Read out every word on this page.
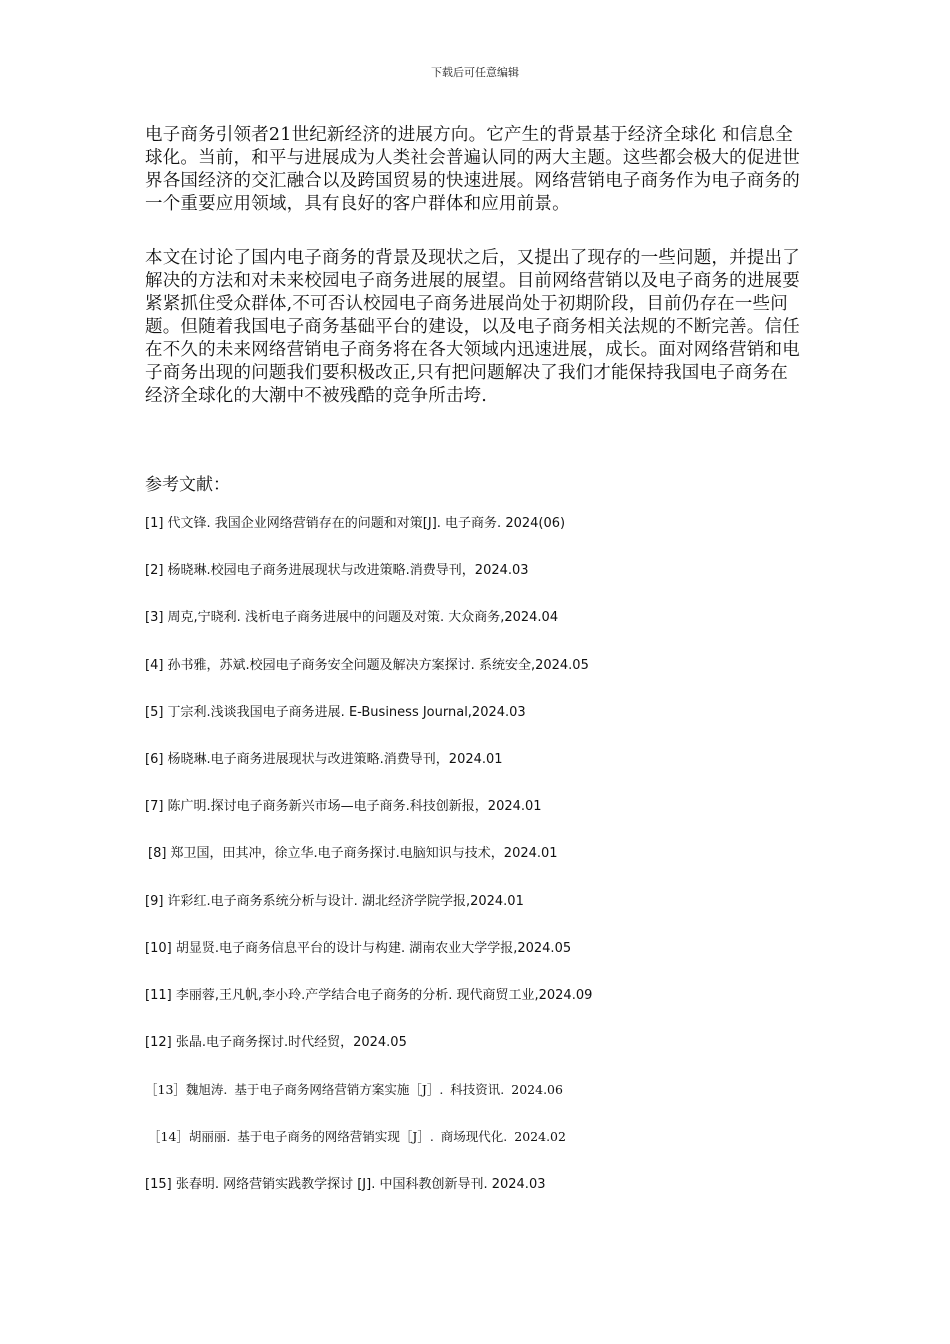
下载后可任意编辑

电子商务引领者21世纪新经济的进展方向。它产生的背景基于经济全球化 和信息全球化。当前，和平与进展成为人类社会普遍认同的两大主题。这些都会极大的促进世界各国经济的交汇融合以及跨国贸易的快速进展。网络营销电子商务作为电子商务的一个重要应用领域，具有良好的客户群体和应用前景。

本文在讨论了国内电子商务的背景及现状之后，又提出了现存的一些问题，并提出了解决的方法和对未来校园电子商务进展的展望。目前网络营销以及电子商务的进展要紧紧抓住受众群体,不可否认校园电子商务进展尚处于初期阶段，目前仍存在一些问题。但随着我国电子商务基础平台的建设，以及电子商务相关法规的不断完善。信任在不久的未来网络营销电子商务将在各大领域内迅速进展，成长。面对网络营销和电子商务出现的问题我们要积极改正,只有把问题解决了我们才能保持我国电子商务在经济全球化的大潮中不被残酷的竞争所击垮.

参考文献：
[1] 代文锋. 我国企业网络营销存在的问题和对策[J]. 电子商务. 2024(06)
[2] 杨晓琳.校园电子商务进展现状与改进策略.消费导刊，2024.03
[3] 周克,宁晓利. 浅析电子商务进展中的问题及对策. 大众商务,2024.04
[4] 孙书雅，苏斌.校园电子商务安全问题及解决方案探讨. 系统安全,2024.05
[5] 丁宗利.浅谈我国电子商务进展. E-Business Journal,2024.03
[6] 杨晓琳.电子商务进展现状与改进策略.消费导刊，2024.01
[7] 陈广明.探讨电子商务新兴市场—电子商务.科技创新报，2024.01
[8] 郑卫国，田其冲，徐立华.电子商务探讨.电脑知识与技术，2024.01
[9] 许彩红.电子商务系统分析与设计. 湖北经济学院学报,2024.01
[10] 胡显贤.电子商务信息平台的设计与构建. 湖南农业大学学报,2024.05
[11] 李丽蓉,王凡帆,李小玲.产学结合电子商务的分析. 现代商贸工业,2024.09
[12] 张晶.电子商务探讨.时代经贸，2024.05
［13］魏旭涛. 基于电子商务网络营销方案实施［J］. 科技资讯. 2024.06
［14］胡丽丽. 基于电子商务的网络营销实现［J］. 商场现代化. 2024.02
[15] 张春明. 网络营销实践教学探讨 [J]. 中国科教创新导刊. 2024.03
